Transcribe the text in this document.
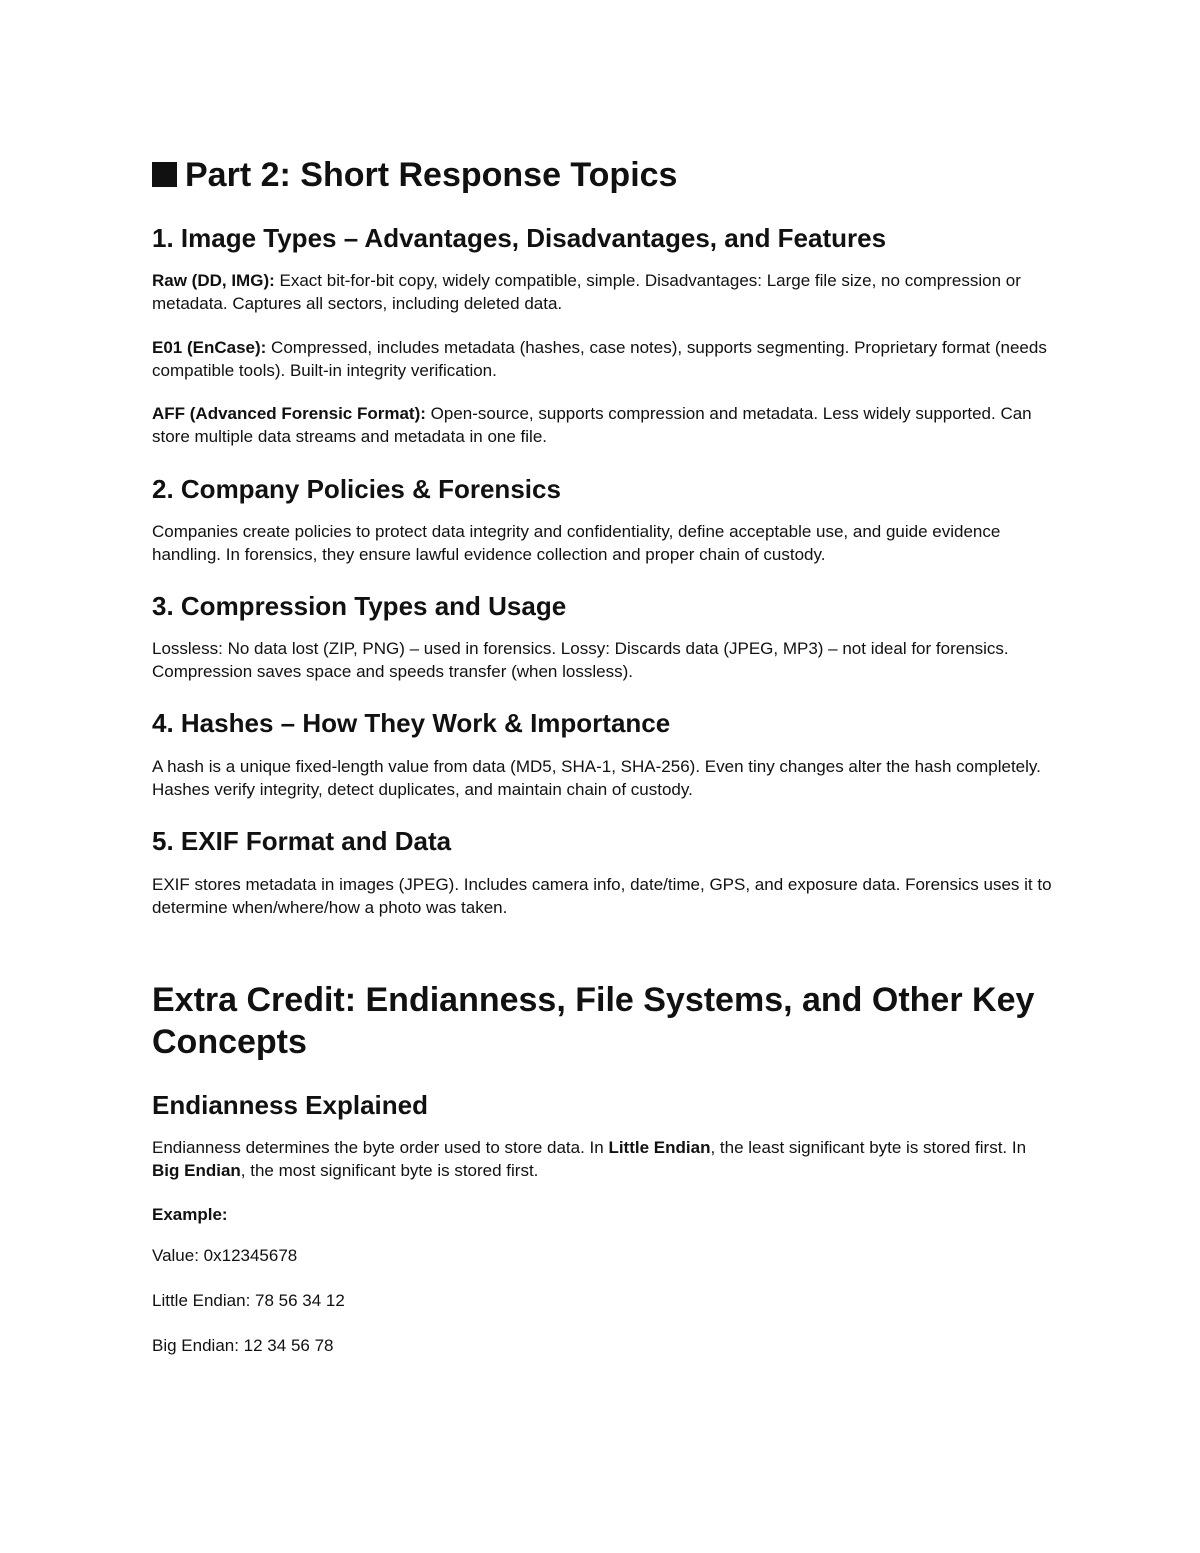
Part 2: Short Response Topics
1. Image Types – Advantages, Disadvantages, and Features

Raw (DD, IMG): Exact bit-for-bit copy, widely compatible, simple. Disadvantages: Large file size, no compression or metadata. Captures all sectors, including deleted data.

E01 (EnCase): Compressed, includes metadata (hashes, case notes), supports segmenting. Proprietary format (needs compatible tools). Built-in integrity verification.

AFF (Advanced Forensic Format): Open-source, supports compression and metadata. Less widely supported. Can store multiple data streams and metadata in one file.

2. Company Policies & Forensics

Companies create policies to protect data integrity and confidentiality, define acceptable use, and guide evidence handling. In forensics, they ensure lawful evidence collection and proper chain of custody.

3. Compression Types and Usage

Lossless: No data lost (ZIP, PNG) – used in forensics. Lossy: Discards data (JPEG, MP3) – not ideal for forensics. Compression saves space and speeds transfer (when lossless).

4. Hashes – How They Work & Importance

A hash is a unique fixed-length value from data (MD5, SHA-1, SHA-256). Even tiny changes alter the hash completely. Hashes verify integrity, detect duplicates, and maintain chain of custody.

5. EXIF Format and Data

EXIF stores metadata in images (JPEG). Includes camera info, date/time, GPS, and exposure data. Forensics uses it to determine when/where/how a photo was taken.

Extra Credit: Endianness, File Systems, and Other Key Concepts
Endianness Explained

Endianness determines the byte order used to store data. In Little Endian, the least significant byte is stored first. In Big Endian, the most significant byte is stored first.

Example:

Value: 0x12345678

Little Endian: 78 56 34 12

Big Endian: 12 34 56 78
